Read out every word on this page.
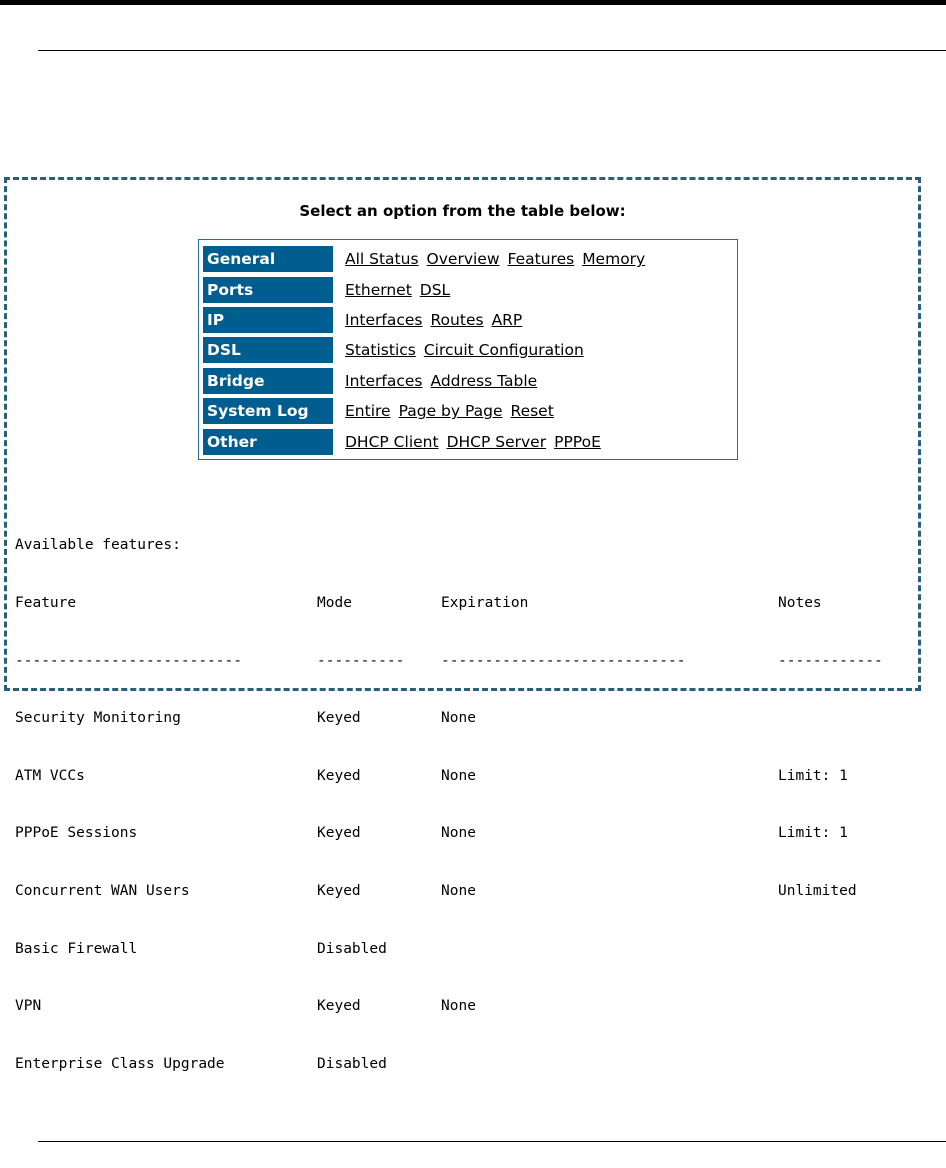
Select an option from the table below:
General	All Status Overview Features Memory
Ports	Ethernet DSL
IP	Interfaces Routes ARP
DSL	Statistics Circuit Configuration
Bridge	Interfaces Address Table
System Log	Entire Page by Page Reset
Other	DHCP Client DHCP Server PPPoE

Available features:

Feature	Mode	Expiration	Notes

--------------------------	----------	----------------------------	------------

Security Monitoring	Keyed	None

ATM VCCs	Keyed	None	Limit: 1

PPPoE Sessions	Keyed	None	Limit: 1

Concurrent WAN Users	Keyed	None	Unlimited

Basic Firewall	Disabled

VPN	Keyed	None

Enterprise Class Upgrade	Disabled
